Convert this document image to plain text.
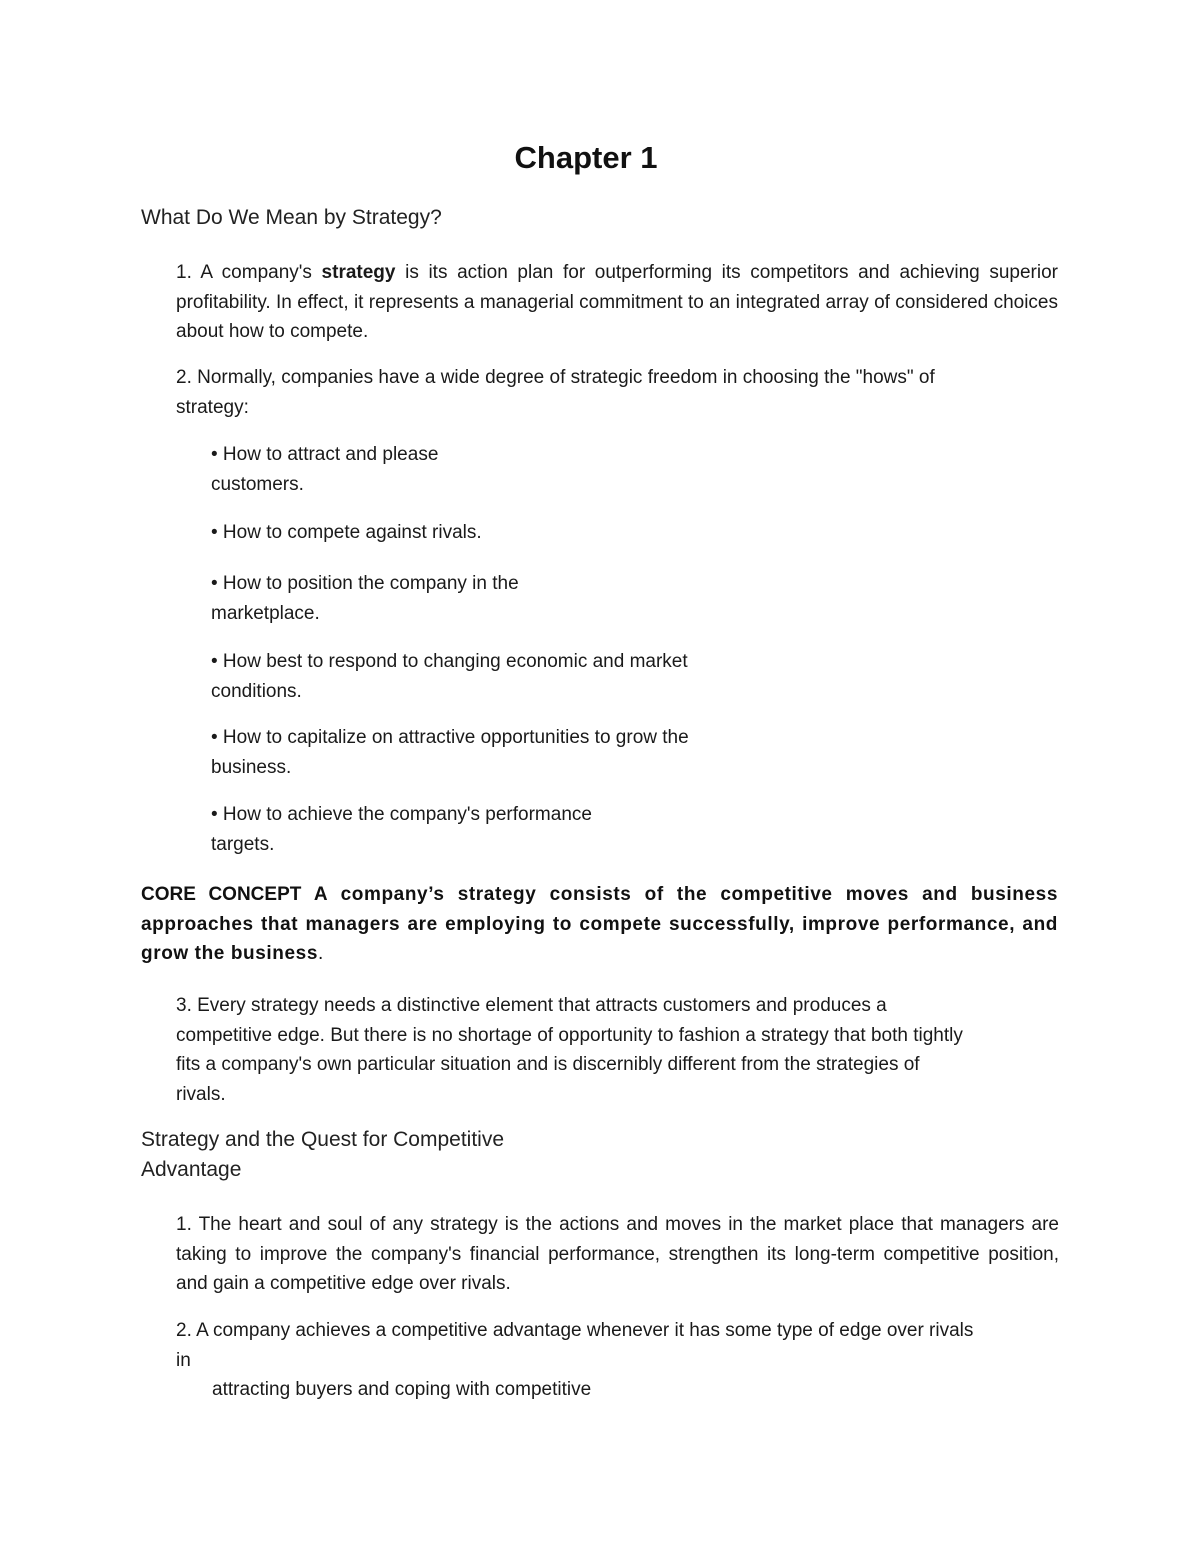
Chapter 1
What Do We Mean by Strategy?

1. A company's strategy is its action plan for outperforming its competitors and achieving superior profitability. In effect, it represents a managerial commitment to an integrated array of considered choices about how to compete.

2. Normally, companies have a wide degree of strategic freedom in choosing the "hows" of
strategy:

• How to attract and please
customers.

• How to compete against rivals.

• How to position the company in the
marketplace.

• How best to respond to changing economic and market
conditions.

• How to capitalize on attractive opportunities to grow the
business.

• How to achieve the company's performance
targets.

CORE CONCEPT A company’s strategy consists of the competitive moves and business approaches that managers are employing to compete successfully, improve performance, and grow the business.

3. Every strategy needs a distinctive element that attracts customers and produces a
competitive edge. But there is no shortage of opportunity to fashion a strategy that both tightly
fits a company's own particular situation and is discernibly different from the strategies of
rivals.

Strategy and the Quest for Competitive
Advantage

1. The heart and soul of any strategy is the actions and moves in the market place that managers are taking to improve the company's financial performance, strengthen its long-term competitive position, and gain a competitive edge over rivals.

2. A company achieves a competitive advantage whenever it has some type of edge over rivals
in

attracting buyers and coping with competitive
